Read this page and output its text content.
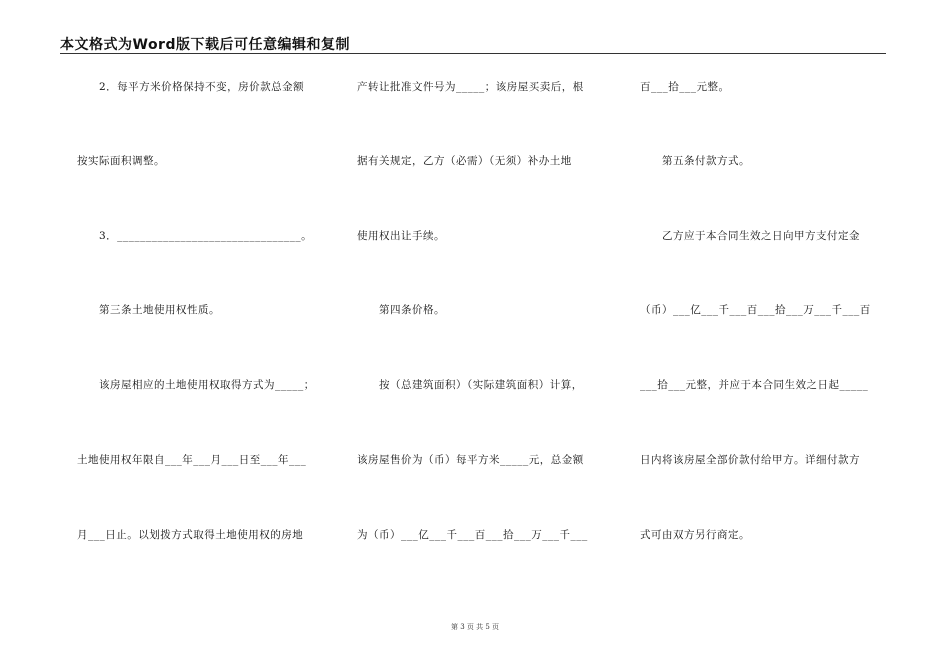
本文格式为Word版下载后可任意编辑和复制
　　2．每平方米价格保持不变，房价款总金额
按实际面积调整。
　　3．________________________________。
　　第三条土地使用权性质。
　　该房屋相应的土地使用权取得方式为_____；
土地使用权年限自___年___月___日至___年___
月___日止。以划拨方式取得土地使用权的房地
产转让批准文件号为_____；该房屋买卖后，根
据有关规定，乙方（必需）（无须）补办土地
使用权出让手续。
　　第四条价格。
　　按（总建筑面积）（实际建筑面积）计算，
该房屋售价为（币）每平方米_____元，总金额
为（币）___亿___千___百___拾___万___千___
百___拾___元整。
　　第五条付款方式。
　　乙方应于本合同生效之日向甲方支付定金
（币）___亿___千___百___拾___万___千___百
___拾___元整，并应于本合同生效之日起_____
日内将该房屋全部价款付给甲方。详细付款方
式可由双方另行商定。
第 3 页 共 5 页
